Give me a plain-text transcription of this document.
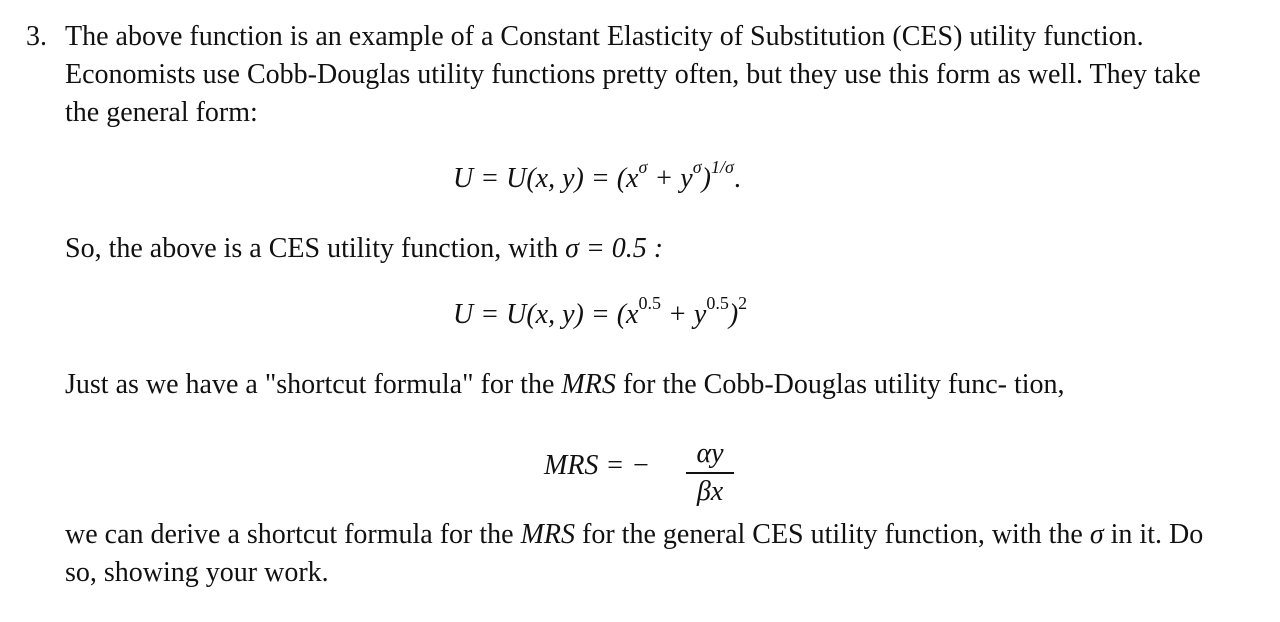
3. The above function is an example of a Constant Elasticity of Substitution (CES) utility function. Economists use Cobb-Douglas utility functions pretty often, but they use this form as well. They take the general form:

U = U(x, $y) = (x^\sigma + y^\sigma)^{1/\sigma}$.

So, the above is a CES utility function, with σ = 0.5 :

U = U(x, $y) = (x^{0.5} + y^{0.5})^2$

Just as we have a "shortcut formula" for the MRS for the Cobb-Douglas utility func- tion,

MRS = −	αy
βx

we can derive a shortcut formula for the MRS for the general CES utility function, with the σ in it. Do so, showing your work.
